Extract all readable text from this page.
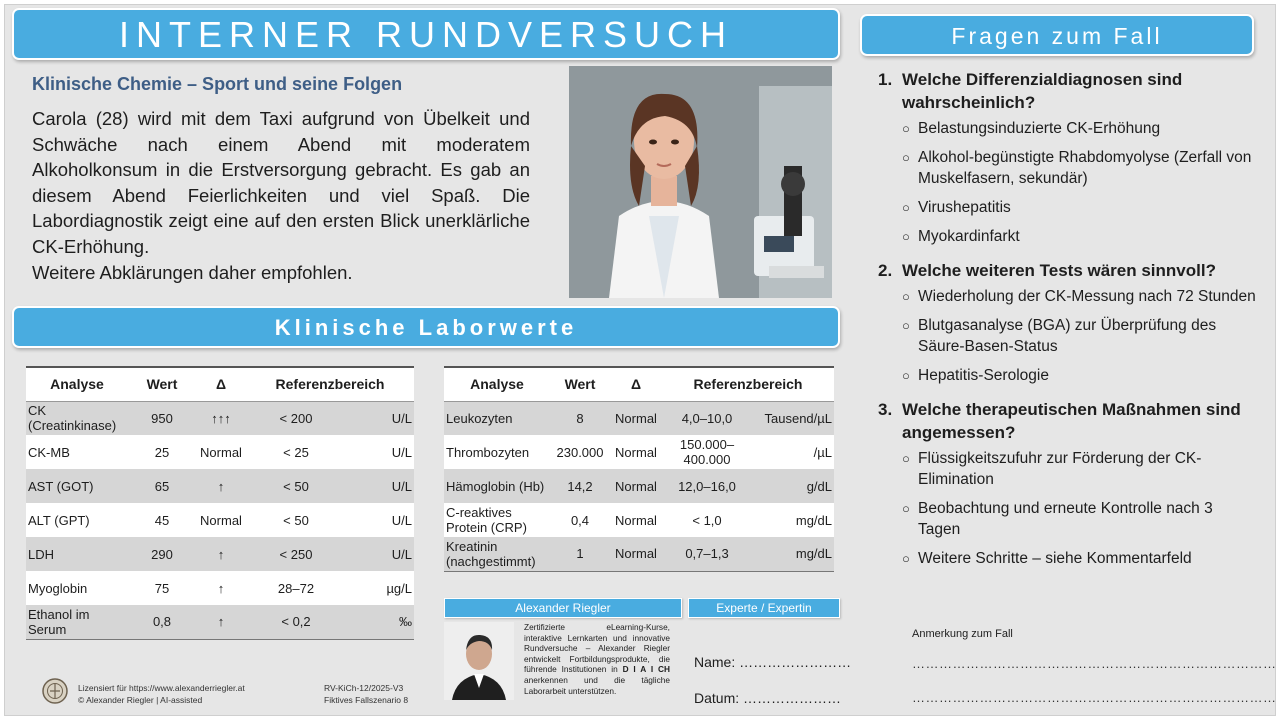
INTERNER RUNDVERSUCH	Fragen zum Fall
Klinische Chemie – Sport und seine Folgen

Carola (28) wird mit dem Taxi aufgrund von Übelkeit und Schwäche nach einem Abend mit moderatem Alkoholkonsum in die Erstversorgung gebracht. Es gab an diesem Abend Feierlichkeiten und viel Spaß. Die Labordiagnostik zeigt eine auf den ersten Blick unerklärliche CK-Erhöhung.

Weitere Abklärungen daher empfohlen.

Klinische Laborwerte
Analyse	Wert	Δ	Referenzbereich	
CK (Creatinkinase)	950	↑↑↑	< 200	U/L
CK-MB	25	Normal	< 25	U/L
AST (GOT)	65	↑	< 50	U/L
ALT (GPT)	45	Normal	< 50	U/L
LDH	290	↑	< 250	U/L
Myoglobin	75	↑	28–72	µg/L
Ethanol im Serum	0,8	↑	< 0,2	‰
Analyse	Wert	Δ	Referenzbereich	
Leukozyten	8	Normal	4,0–10,0	Tausend/µL
Thrombozyten	230.000	Normal	150.000–400.000	/µL
Hämoglobin (Hb)	14,2	Normal	12,0–16,0	g/dL
C-reaktives Protein (CRP)	0,4	Normal	< 1,0	mg/dL
Kreatinin (nachgestimmt)	1	Normal	0,7–1,3	mg/dL
1. Welche Differenzialdiagnosen sind wahrscheinlich?
○ Belastungsinduzierte CK-Erhöhung
○ Alkohol-begünstigte Rhabdomyolyse (Zerfall von Muskelfasern, sekundär)
○ Virushepatitis
○ Myokardinfarkt
2. Welche weiteren Tests wären sinnvoll?
○ Wiederholung der CK-Messung nach 72 Stunden
○ Blutgasanalyse (BGA) zur Überprüfung des Säure-Basen-Status
○ Hepatitis-Serologie
3. Welche therapeutischen Maßnahmen sind angemessen?
○ Flüssigkeitszufuhr zur Förderung der CK-Elimination
○ Beobachtung und erneute Kontrolle nach 3 Tagen
○ Weitere Schritte – siehe Kommentarfeld
Anmerkung zum Fall
………………………………………………………………………
………………………………………………………………………
Alexander Riegler	Experte / Expertin
Zertifizierte eLearning-Kurse, interaktive Lernkarten und innovative Rundversuche – Alexander Riegler entwickelt Fortbildungsprodukte, die führende Institutionen in D I A I CH anerkennen und die tägliche Laborarbeit unterstützen.
Name: ……………………
Datum: …………………
Lizensiert für https://www.alexanderriegler.at
© Alexander Riegler | AI-assisted
RV-KiCh-12/2025-V3
Fiktives Fallszenario 8
